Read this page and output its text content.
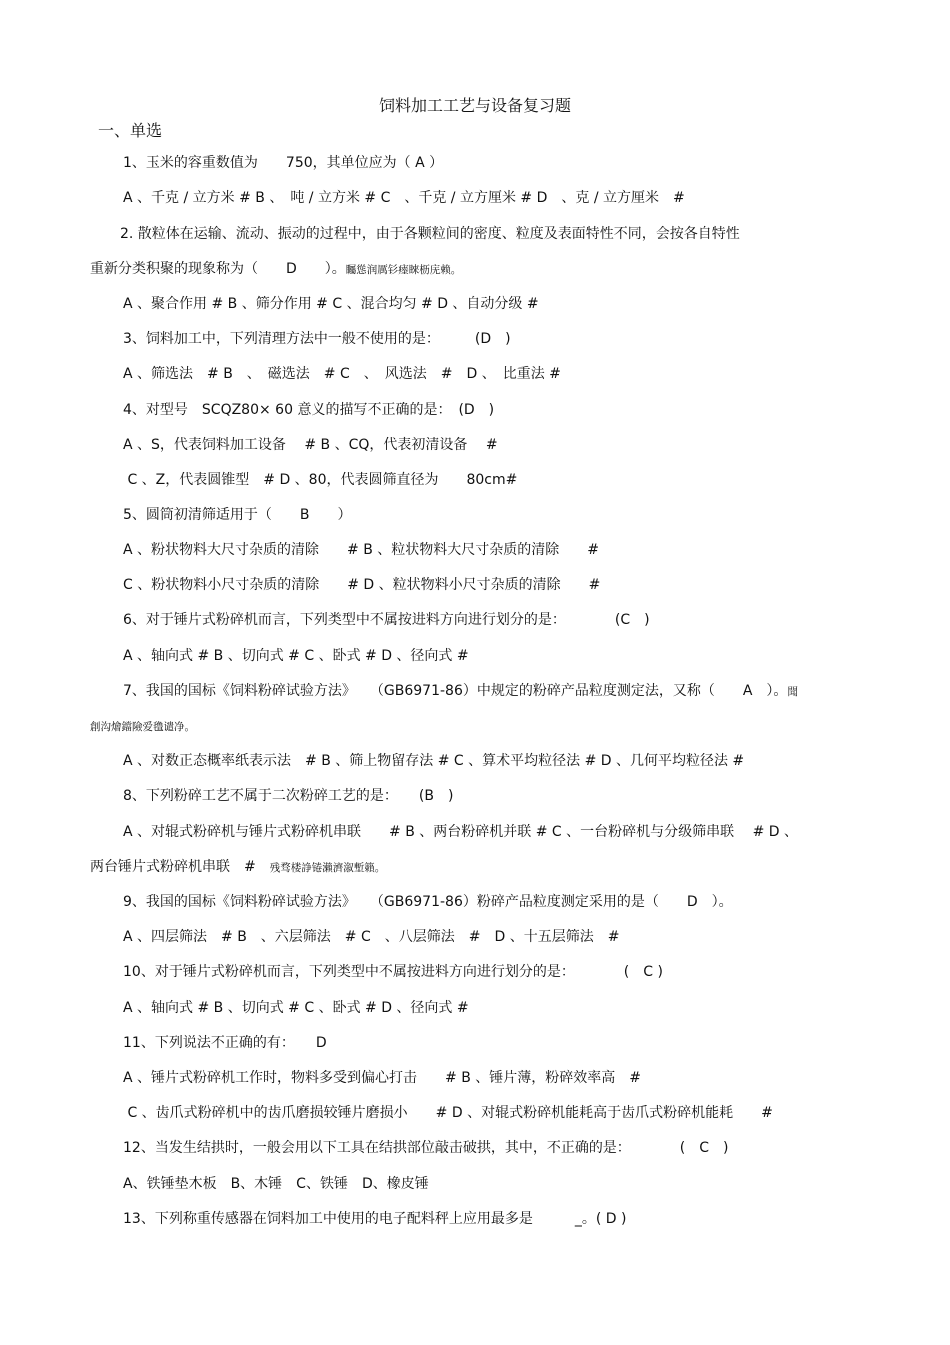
饲料加工工艺与设备复习题
一、单选
1、玉米的容重数值为　　750，其单位应为（ A ）
A 、千克 / 立方米 # B 、　吨 / 立方米 # C　、千克 / 立方厘米 # D　、克 / 立方厘米　#
2. 散粒体在运输、流动、振动的过程中，由于各颗粒间的密度、粒度及表面特性不同，会按各自特性
重新分类积聚的现象称为（　　D　　）。矚慫润厲钐瘗睞枥庑赖。
A 、聚合作用 # B 、筛分作用 # C 、混合均匀 # D 、自动分级 #
3、饲料加工中，下列清理方法中一般不使用的是：　　　(D　)
A 、筛选法　# B　、　磁选法　# C　、　风选法　#　D 、　比重法 #
4、对型号　SCQZ80× 60 意义的描写不正确的是：　(D　)
A 、S，代表饲料加工设备　 # B 、CQ，代表初清设备　 #
C 、Z，代表圆锥型　# D 、80，代表圆筛直径为　　80cm#
5、圆筒初清筛适用于（　　B　　）
A 、粉状物料大尺寸杂质的清除　　# B 、粒状物料大尺寸杂质的清除　　#
C 、粉状物料小尺寸杂质的清除　　# D 、粒状物料小尺寸杂质的清除　　#
6、对于锤片式粉碎机而言，下列类型中不属按进料方向进行划分的是：　　　　(C　)
A 、轴向式 # B 、切向式 # C 、卧式 # D 、径向式 #
7、我国的国标《饲料粉碎试验方法》　　（GB6971-86）中规定的粉碎产品粒度测定法，又称（　　A　）。聞
創沟燴鐺險爱氇谴净。
A 、对数正态概率纸表示法　# B 、筛上物留存法 # C 、算术平均粒径法 # D 、几何平均粒径法 #
8、下列粉碎工艺不属于二次粉碎工艺的是：　　(B　)
A 、对辊式粉碎机与锤片式粉碎机串联　　# B 、两台粉碎机并联 # C 、一台粉碎机与分级筛串联　 # D 、
两台锤片式粉碎机串联　#　残骛楼諍锩瀨濟溆塹籟。
9、我国的国标《饲料粉碎试验方法》　　（GB6971-86）粉碎产品粒度测定采用的是（　　D　）。
A 、四层筛法　# B　、六层筛法　# C　、八层筛法　#　D 、十五层筛法　#
10、对于锤片式粉碎机而言，下列类型中不属按进料方向进行划分的是：　　　　(　C )
A 、轴向式 # B 、切向式 # C 、卧式 # D 、径向式 #
11、下列说法不正确的有：　　D
A 、锤片式粉碎机工作时，物料多受到偏心打击　　# B 、锤片薄，粉碎效率高　#
C 、齿爪式粉碎机中的齿爪磨损较锤片磨损小　　# D 、对辊式粉碎机能耗高于齿爪式粉碎机能耗　　#
12、当发生结拱时，一般会用以下工具在结拱部位敲击破拱，其中，不正确的是：　　　　(　C　)
A、铁锤垫木板　B、木锤　C、铁锤　D、橡皮锤
13、下列称重传感器在饲料加工中使用的电子配料秤上应用最多是　　　_。( D )
